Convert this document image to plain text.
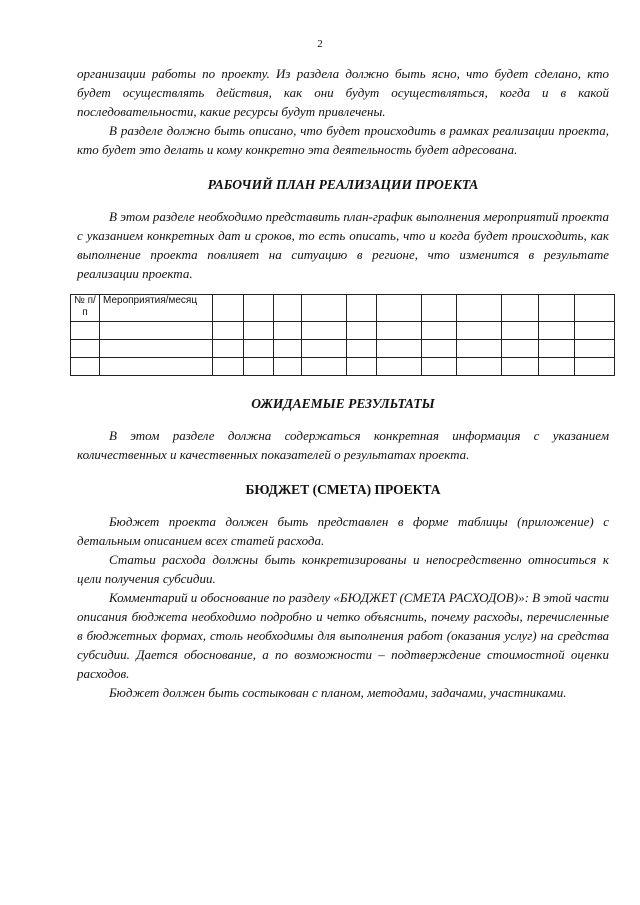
2

организации работы по проекту. Из раздела должно быть ясно, что будет сделано, кто будет осуществлять действия, как они будут осуществляться, когда и в какой последовательности, какие ресурсы будут привлечены.

В разделе должно быть описано, что будет происходить в рамках реализации проекта, кто будет это делать и кому конкретно эта деятельность будет адресована.

РАБОЧИЙ ПЛАН РЕАЛИЗАЦИИ ПРОЕКТА

В этом разделе необходимо представить план-график выполнения мероприятий проекта с указанием конкретных дат и сроков, то есть описать, что и когда будет происходить, как выполнение проекта повлияет на ситуацию в регионе, что изменится в результате реализации проекта.

№ п/п	Мероприятия/месяц											

ОЖИДАЕМЫЕ РЕЗУЛЬТАТЫ

В этом разделе должна содержаться конкретная информация с указанием количественных и качественных показателей о результатах проекта.

БЮДЖЕТ (СМЕТА) ПРОЕКТА

Бюджет проекта должен быть представлен в форме таблицы (приложение) с детальным описанием всех статей расхода.

Статьи расхода должны быть конкретизированы и непосредственно относиться к цели получения субсидии.

Комментарий и обоснование по разделу «БЮДЖЕТ (СМЕТА РАСХОДОВ)»: В этой части описания бюджета необходимо подробно и четко объяснить, почему расходы, перечисленные в бюджетных формах, столь необходимы для выполнения работ (оказания услуг) на средства субсидии. Дается обоснование, а по возможности – подтверждение стоимостной оценки расходов.

Бюджет должен быть состыкован с планом, методами, задачами, участниками.
